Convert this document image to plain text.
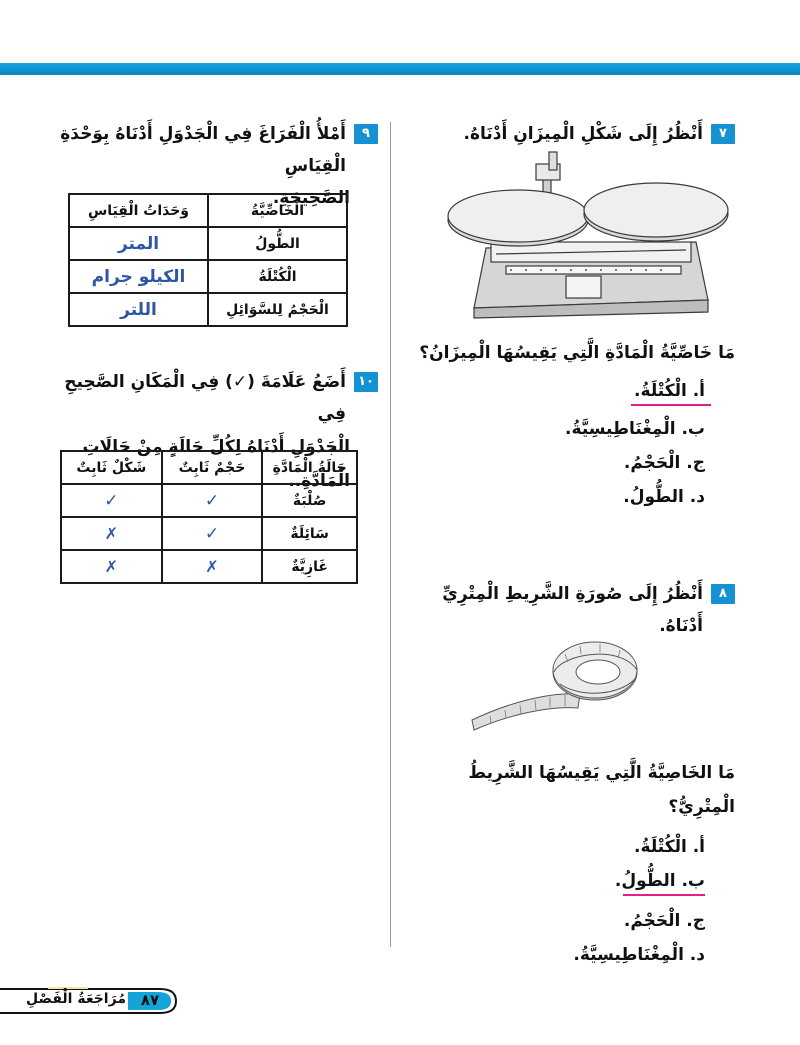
٧
أَنْظُرُ إِلَى شَكْلِ الْمِيزَانِ أَدْنَاهُ.
مَا خَاصِّيَّةُ الْمَادَّةِ الَّتِي يَقِيسُهَا الْمِيزَانُ؟
أ. الْكُتْلَةُ.
ب. الْمِغْنَاطِيسِيَّةُ.
ج. الْحَجْمُ.
د. الطُّولُ.
٨
أَنْظُرُ إِلَى صُورَةِ الشَّرِيطِ الْمِتْرِيِّ أَدْنَاهُ.
مَا الخَاصِيَّةُ الَّتِي يَقِيسُهَا الشَّرِيطُ الْمِتْرِيُّ؟
أ. الْكُتْلَةُ.
ب. الطُّولُ.
ج. الْحَجْمُ.
د. الْمِغْنَاطِيسِيَّةُ.
٩
أَمْلأُ الْفَرَاغَ فِي الْجَدْوَلِ أَدْنَاهُ بِوَحْدَةِ الْقِيَاسِ
الصَّحِيحَةِ.
الْخَاصِّيَّةُ	وَحَدَاتُ الْقِيَاسِ
الطُّولُ	المتر
الْكُتْلَةُ	الكيلو جرام
الْحَجْمُ لِلسَّوَائِلِ	اللتر
١٠
أَضَعُ عَلَامَةَ (✓) فِي الْمَكَانِ الصَّحِيحِ فِي
الْجَدْوَلِ أَدْنَاهُ لِكُلِّ حَالَةٍ مِنْ حَالَاتِ الْمَادَّةِ..
حَالَةُ الْمَادَّةِ	حَجْمٌ ثَابِتٌ	شَكْلٌ ثَابِتٌ
صُلْبَةٌ	✓	✓
سَائِلَةٌ	✓	✗
غَازِيَّةٌ	✗	✗
٨٧
مُرَاجَعَةُ الْفَصْلِ
